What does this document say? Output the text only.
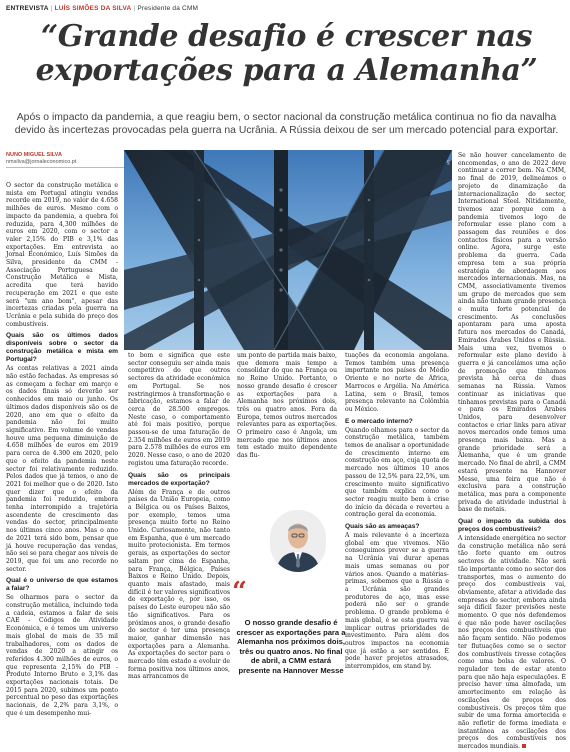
ENTREVISTA | LUÍS SIMÕES DA SILVA | Presidente da CMM
“Grande desafio é crescer nas exportações para a Alemanha”
Após o impacto da pandemia, a que reagiu bem, o sector nacional da construção metálica continua no fio da navalha devido às incertezas provocadas pela guerra na Ucrânia. A Rússia deixou de ser um mercado potencial para exportar.
NUNO MIGUEL SILVA
nmsilva@jornaleconomico.pt	DR

O sector da construção metálica e mista em Portugal atingiu vendas recorde em 2019, no valor de 4.658 milhões de euros. Mesmo com o impacto da pandemia, a quebra foi reduzida, para 4,300 milhões de euros em 2020, com o sector a valer 2,15% do PIB e 3,1% das exportações. Em entrevista ao Jornal Económico, Luís Simões da Silva, presidente da CMM - Associação Portuguesa de Construção Metálica e Mista, acredita que terá havido recuperação em 2021 e que este será "um ano bom", apesar das incertezas criadas pela guerra na Ucrânia e pela subida do preço dos combustíveis.

Quais são os últimos dados disponíveis sobre o sector da construção metálica e mista em Portugal?

As contas relativas a 2021 ainda não estão fechadas. As empresas só as começam a fechar em março e os dados finais só deverão ser conhecidos em maio ou junho. Os últimos dados disponíveis são os de 2020, ano em que o efeito da pandemia não foi muito significativo. Em volume de vendas houve uma pequena diminuição de 4.658 milhões de euros em 2019 para cerca de 4.300 em 2020, pelo que o efeito da pandemia neste sector foi relativamente reduzido. Pelos dados que já temos, o ano de 2021 foi melhor que o de 2020. Isto quer dizer que o efeito da pandemia foi reduzido, embora tenha interrompido a trajetória ascendente de crescimento das vendas do sector, principalmente nos últimos cinco anos. Mas o ano de 2021 terá sido bom, pensar que já houve recuperação das vendas, não sei se para chegar aos níveis de 2019, que foi um ano recorde no sector.

Qual é o universo de que estamos a falar?

Se olharmos para o sector da construção metálica, incluindo toda a cadeia, estamos a falar de seis CAE - Códigos de Atividade Económica, e é temos um universo mais global de mais de 35 mil trabalhadores, com os dados de vendas de 2020 a atingir os referidos 4.300 milhões de euros, o que representa 2,15% do PIB - Produto Interno Bruto e 3,1% das exportações nacionais totais. De 2015 para 2020, subimos um ponto percentual no peso das exportações nacionais, de 2,2% para 3,1%, o que é um desempenho mui-

to bom e significa que este sector conseguiu ser ainda mais competitivo do que outros sectores da atividade económica em Portugal. Se nos restringirmos à transformação e fabricação, estamos a falar de cerca de 28.500 empregos. Neste caso, o comportamento até foi mais positivo, porque passou-se de uma faturação de 2.354 milhões de euros em 2019 para 2.578 milhões de euros em 2020. Nesse caso, o ano de 2020 registou uma faturação recorde.

Quais são os principais mercados de exportação?

Além de França e de outros países da União Europeia, como a Bélgica ou os Países Baixos, por exemplo, temos uma presença muito forte no Reino Unido. Curiosamente, não tanto em Espanha, que é um mercado muito protecionista. Em termos gerais, as exportações do sector saltam por cima de Espanha, para França, Bélgica, Países Baixos e Reino Unido. Depois, quanto mais afastado, mais difícil é ter valores significativos de exportação e, por isso, os países do Leste europeu não são tão significativos. Para os próximos anos, o grande desafio do sector é ter uma presença maior, ganhar dimensão nas exportações para a Alemanha. As exportações do sector para o mercado têm estado a evoluir de forma positiva nos últimos anos, mas arrancamos de

um ponto de partida mais baixo, que demora mais tempo a consolidar do que na França ou no Reino Unido. Portanto, o nosso grande desafio é crescer as exportações para a Alemanha nos próximos dois, três ou quatro anos. Fora da Europa, temos outros mercados relevantes para as exportações. O primeiro caso é Angola, um mercado que nos últimos anos tem estado muito dependente das flu-

“
O nosso grande desafio é crescer as exportações para a Alemanha nos próximos dois, três ou quatro anos. No final de abril, a CMM estará presente na Hannover Messe

tuações da economia angolana. Temos também uma presença importante nos países do Médio Oriente e no norte de África, Marrocos e Argélia. Na América Latina, sem o Brasil, temos presença relevante na Colômbia ou México.

E o mercado interno?

Quando olhamos para o sector da construção metálica, também temos de analisar a oportunidade de crescimento interno em construção em aço, cuja quota de mercado nos últimos 10 anos passou de 12,5% para 22,5%, um crescimento muito significativo que também explica como o sector reagiu muito bem à crise do início da década e reverteu a contração geral da economia.

Quais são as ameaças?

A mais relevante é a incerteza global em que vivemos. Não conseguimos prever se a guerra na Ucrânia vai durar apenas mais umas semanas ou por vários anos. Quando a matérias-primas, sobemos que a Rússia e a Ucrânia são grandes produtores de aço, mas esse poderá não ser o grande problema. O grande problema é mais global, é se esta guerra vai implicar outras prioridades de investimento. Para além dos outros impactos na economia que já estão a ser sentidos. É pode haver projetos atrasados, interrompidos, em stand by.

Se não houver cancelamento de encomendas, o ano de 2022 deve continuar a correr bem. Na CMM, no final de 2019, delineámos o projeto de dinamização da internacionalização do sector, International Steel. Nitidamente, tivemos azar porque com a pandemia tivemos logo de reformular esse plano com a passagem das reuniões e dos contactos físicos para a versão online. Agora, surge este problema da guerra. Cada empresa tem a sua própria estratégia de abordagem aos mercados internacionais. Mas, na CMM, associativamente tivemos um grupo de mercados que sem ainda não tinham grande presença e muita forte potencial de crescimento. As conclusões apontaram para uma aposta futura nos mercados do Canadá, Emirados Árabes Unidos e Rússia. Mais uma vez, tivemos o reformular este plano devido à guerra e já cancelámos uma ação de promoção que tínhamos prevista há cerca de duas semanas na Rússia. Vamos continuar as iniciativas que tínhamos previstas para o Canadá e para os Emirados Árabes Unidos, para desenvolver contactos e criar links para ativar novos mercados onde temos uma presença mais baixa. Mas a grande prioridade será a Alemanha, que é um grande mercado. No final de abril, a CMM estará presente na Hannover Messe, uma feira que não é exclusiva para a construção metálica, mas para a componente privada de atividade industrial à base de metais.

Qual o impacto da subida dos preços dos combustíveis?

A intensidade energética no sector da construção metálica não será tão forte quanto em outros sectores de atividade. Não será tão importante como no sector dos transportes, mas o aumento do preço dos combustíveis vai, obviamente, afetar a atividade das empresas do sector, embora ainda seja difícil fazer previsões neste momento. O que nós defendemos é que não pode haver oscilações nos preços dos combustíveis que não façam sentido. Não podemos ter flutuações como se o sector dos combustíveis tivesse cotações como uma bolsa de valores. O regulador tem de estar atento para que não haja especulações. É preciso haver uma almofada, um amortecimento em relação às oscilações de preços dos combustíveis. Os preços têm que subir de uma forma amortecida e não refletir de forma imediata e instantânea as oscilações dos preços dos combustíveis nos mercados mundiais.
